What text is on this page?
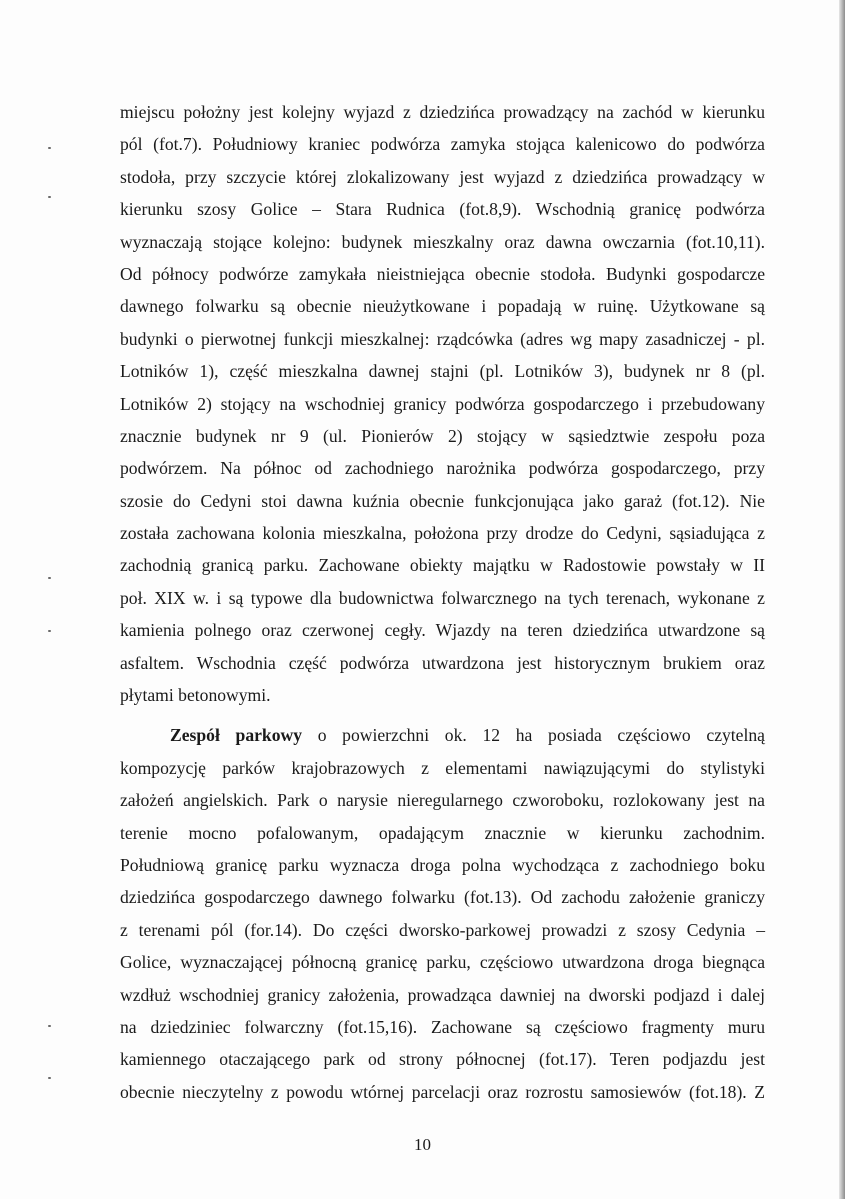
miejscu położny jest kolejny wyjazd z dziedzińca prowadzący na zachód w kierunku
pól (fot.7). Południowy kraniec podwórza zamyka stojąca kalenicowo do podwórza
stodoła, przy szczycie której zlokalizowany jest wyjazd z dziedzińca prowadzący w
kierunku szosy Golice – Stara Rudnica (fot.8,9). Wschodnią granicę podwórza
wyznaczają stojące kolejno: budynek mieszkalny oraz dawna owczarnia (fot.10,11).
Od północy podwórze zamykała nieistniejąca obecnie stodoła. Budynki gospodarcze
dawnego folwarku są obecnie nieużytkowane i popadają w ruinę. Użytkowane są
budynki o pierwotnej funkcji mieszkalnej: rządcówka (adres wg mapy zasadniczej - pl.
Lotników 1), część mieszkalna dawnej stajni (pl. Lotników 3), budynek nr 8 (pl.
Lotników 2) stojący na wschodniej granicy podwórza gospodarczego i przebudowany
znacznie budynek nr 9 (ul. Pionierów 2) stojący w sąsiedztwie zespołu poza
podwórzem. Na północ od zachodniego narożnika podwórza gospodarczego, przy
szosie do Cedyni stoi dawna kuźnia obecnie funkcjonująca jako garaż (fot.12). Nie
została zachowana kolonia mieszkalna, położona przy drodze do Cedyni, sąsiadująca z
zachodnią granicą parku. Zachowane obiekty majątku w Radostowie powstały w II
poł. XIX w. i są typowe dla budownictwa folwarcznego na tych terenach, wykonane z
kamienia polnego oraz czerwonej cegły. Wjazdy na teren dziedzińca utwardzone są
asfaltem. Wschodnia część podwórza utwardzona jest historycznym brukiem oraz
płytami betonowymi.
Zespół parkowy o powierzchni ok. 12 ha posiada częściowo czytelną
kompozycję parków krajobrazowych z elementami nawiązującymi do stylistyki
założeń angielskich. Park o narysie nieregularnego czworoboku, rozlokowany jest na
terenie mocno pofalowanym, opadającym znacznie w kierunku zachodnim.
Południową granicę parku wyznacza droga polna wychodząca z zachodniego boku
dziedzińca gospodarczego dawnego folwarku (fot.13). Od zachodu założenie graniczy
z terenami pól (for.14). Do części dworsko-parkowej prowadzi z szosy Cedynia –
Golice, wyznaczającej północną granicę parku, częściowo utwardzona droga biegnąca
wzdłuż wschodniej granicy założenia, prowadząca dawniej na dworski podjazd i dalej
na dziedziniec folwarczny (fot.15,16). Zachowane są częściowo fragmenty muru
kamiennego otaczającego park od strony północnej (fot.17). Teren podjazdu jest
obecnie nieczytelny z powodu wtórnej parcelacji oraz rozrostu samosiewów (fot.18). Z
10
